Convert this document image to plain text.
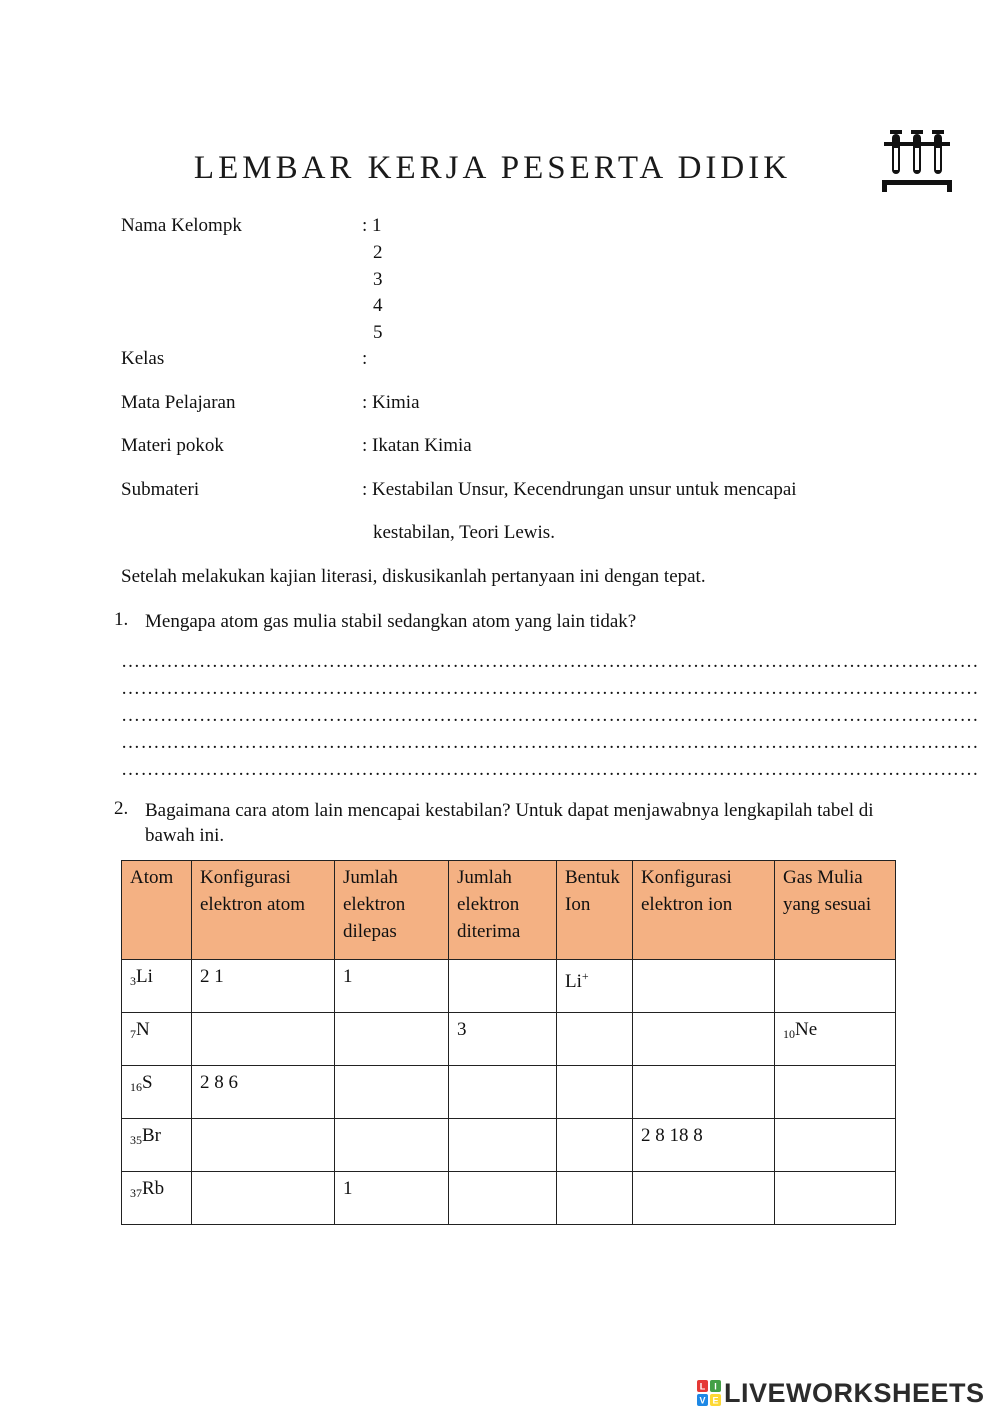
LEMBAR KERJA PESERTA DIDIK
Nama Kelompk	: 1
2
3
4
5
Kelas	:
Mata Pelajaran	: Kimia
Materi pokok	: Ikatan Kimia
Submateri	: Kestabilan Unsur, Kecendrungan unsur untuk mencapai
kestabilan, Teori Lewis.
Setelah melakukan kajian literasi, diskusikanlah pertanyaan ini dengan tepat.
1. Mengapa atom gas mulia stabil sedangkan atom yang lain tidak?
……………………………………………………………………………………………………………………
……………………………………………………………………………………………………………………
……………………………………………………………………………………………………………………
……………………………………………………………………………………………………………………
……………………………………………………………………………………………………………………
2. Bagaimana cara atom lain mencapai kestabilan? Untuk dapat menjawabnya lengkapilah tabel di bawah ini.
Atom	Konfigurasi elektron atom	Jumlah elektron dilepas	Jumlah elektron diterima	Bentuk Ion	Konfigurasi elektron ion	Gas Mulia yang sesuai
$_3$Li	2 1	1		Li+		
$_7$N			3			$_{10}$Ne
$_{16}$S	2 8 6					
$_{35}$Br					2 8 18 8	
$_{37}$Rb		1				
L I
V E LIVEWORKSHEETS
